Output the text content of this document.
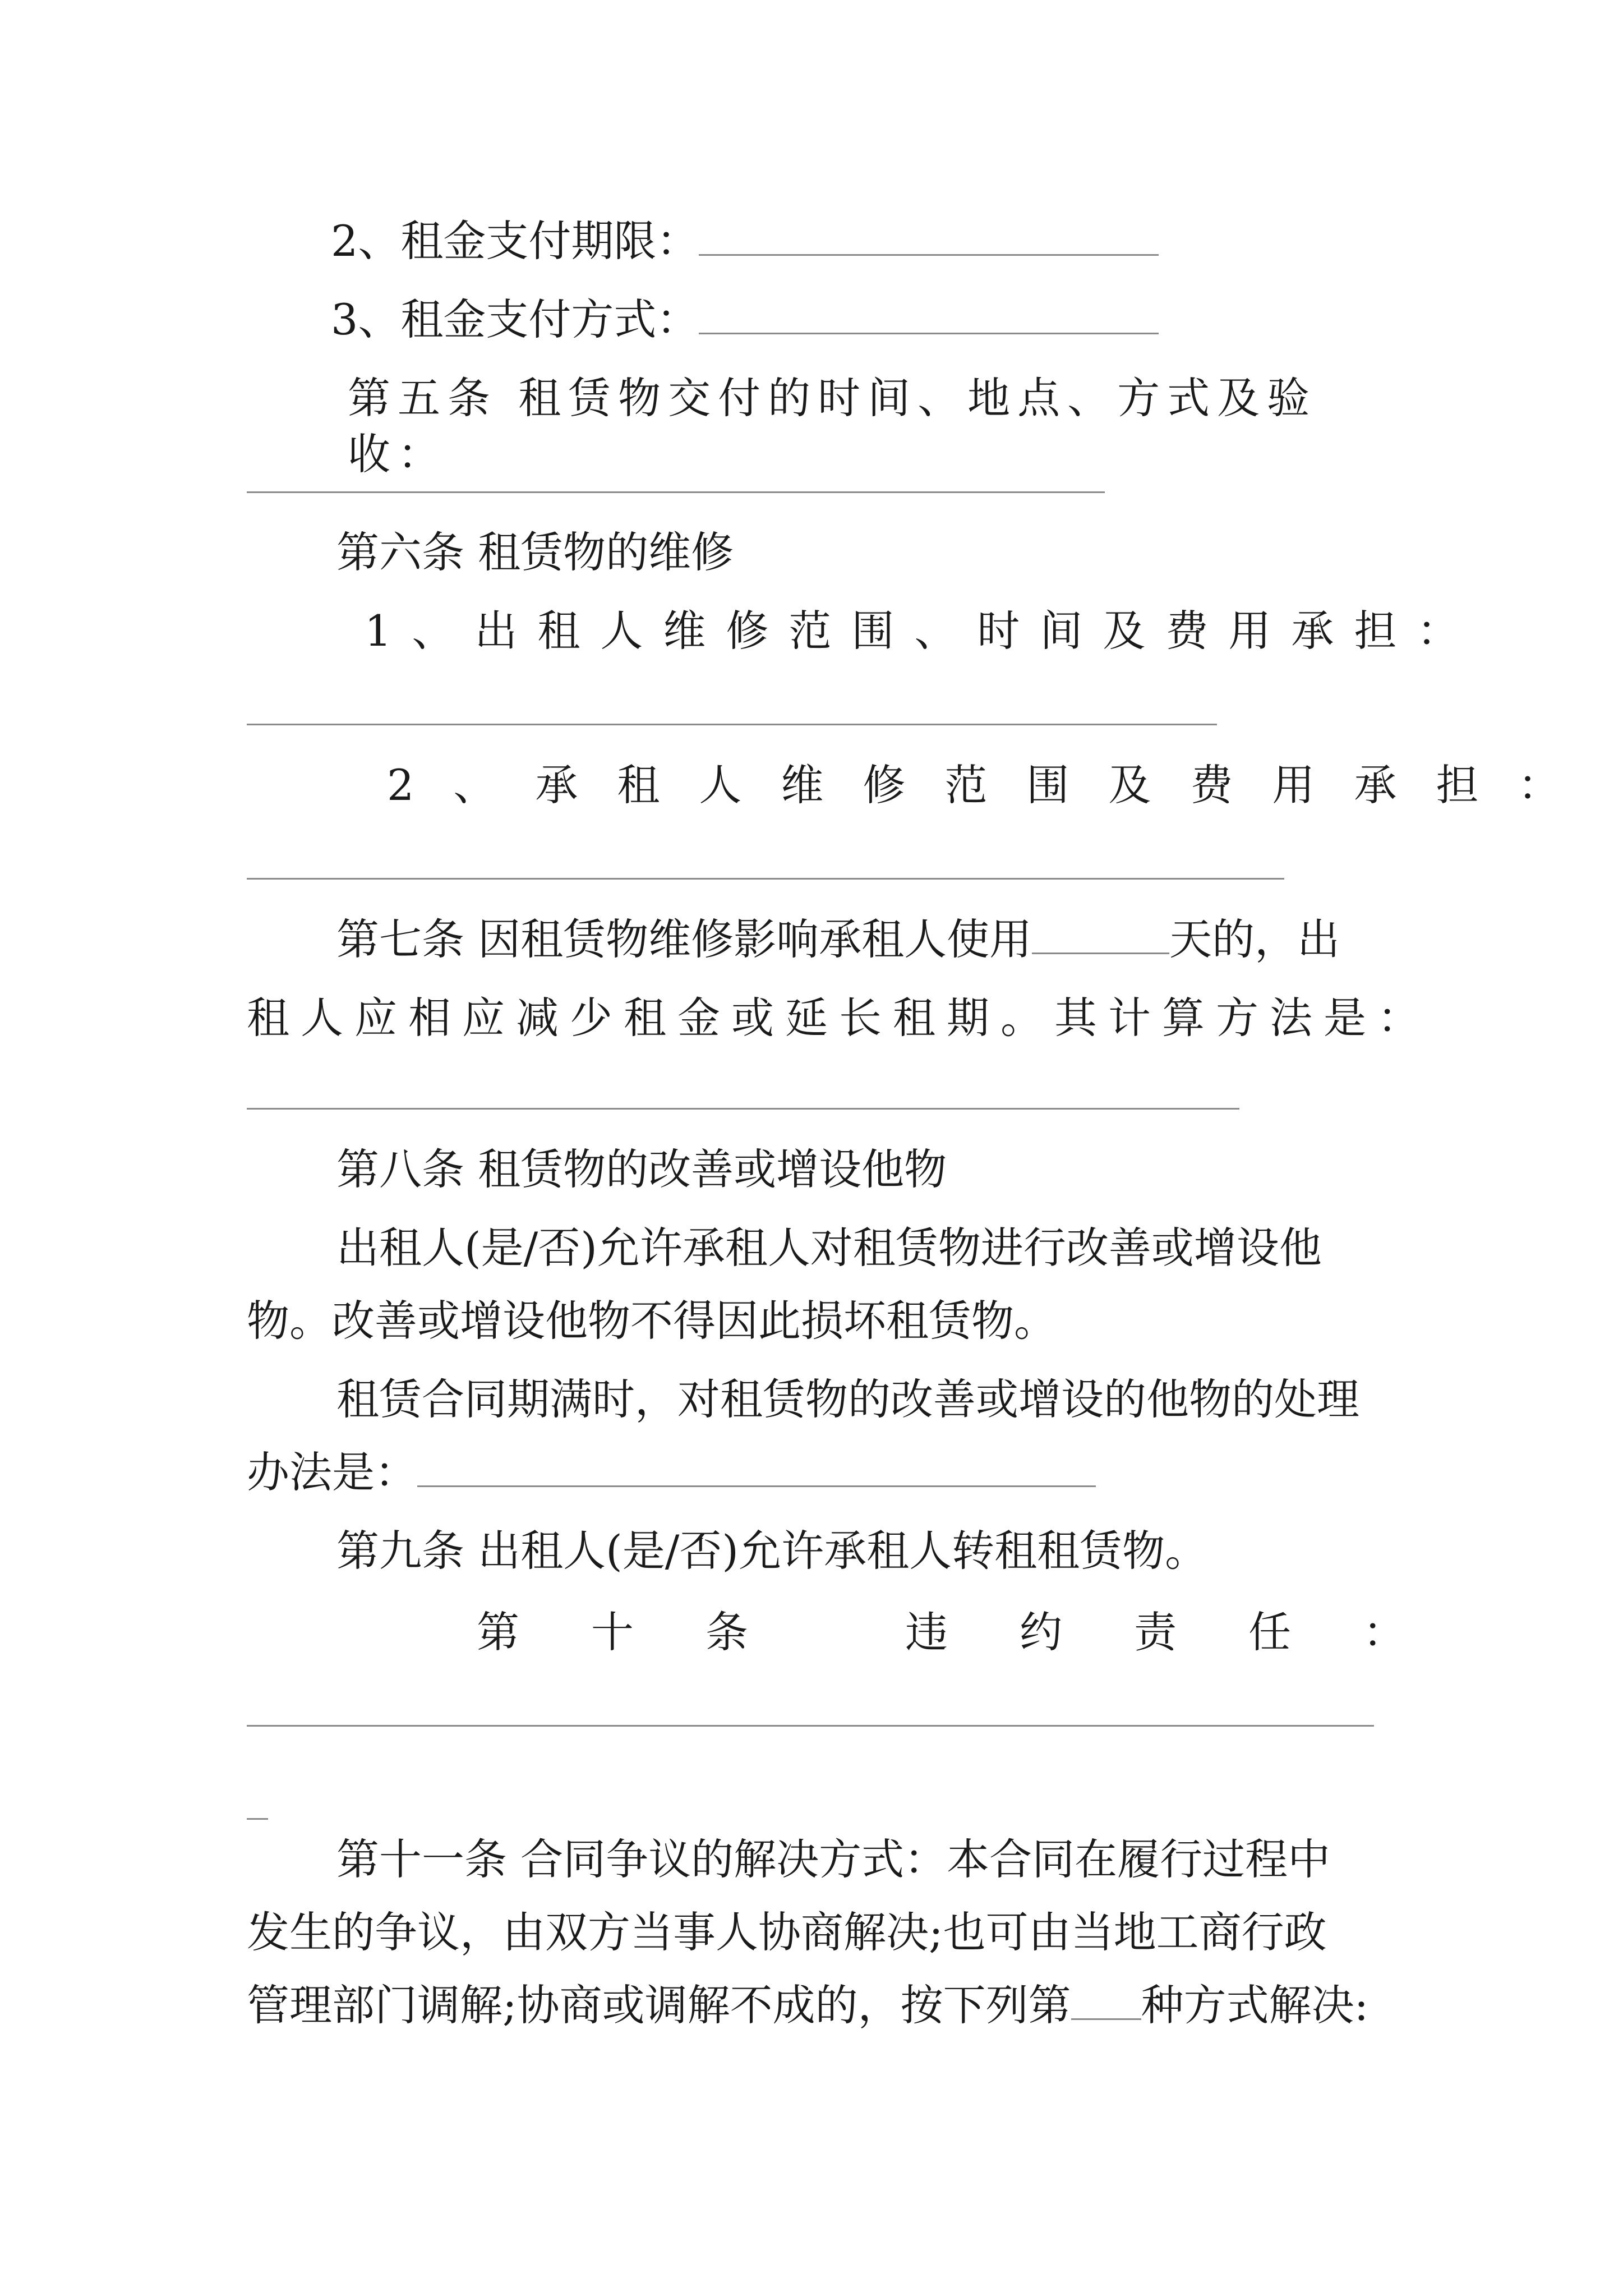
2、租金支付期限：
3、租金支付方式：
第五条 租赁物交付的时间、地点、方式及验收：
第六条 租赁物的维修
1、出租人维修范围、时间及费用承担：
2、承租人维修范围及费用承担：
第七条 因租赁物维修影响承租人使用	天的，出
租人应相应减少租金或延长租期。其计算方法是：
第八条 租赁物的改善或增设他物
出租人(是/否)允许承租人对租赁物进行改善或增设他
物。改善或增设他物不得因此损坏租赁物。
租赁合同期满时，对租赁物的改善或增设的他物的处理
办法是：
第九条 出租人(是/否)允许承租人转租租赁物。
第十条 违约责任：
_
第十一条 合同争议的解决方式：本合同在履行过程中
发生的争议，由双方当事人协商解决;也可由当地工商行政
管理部门调解;协商或调解不成的，按下列第 种方式解决:
